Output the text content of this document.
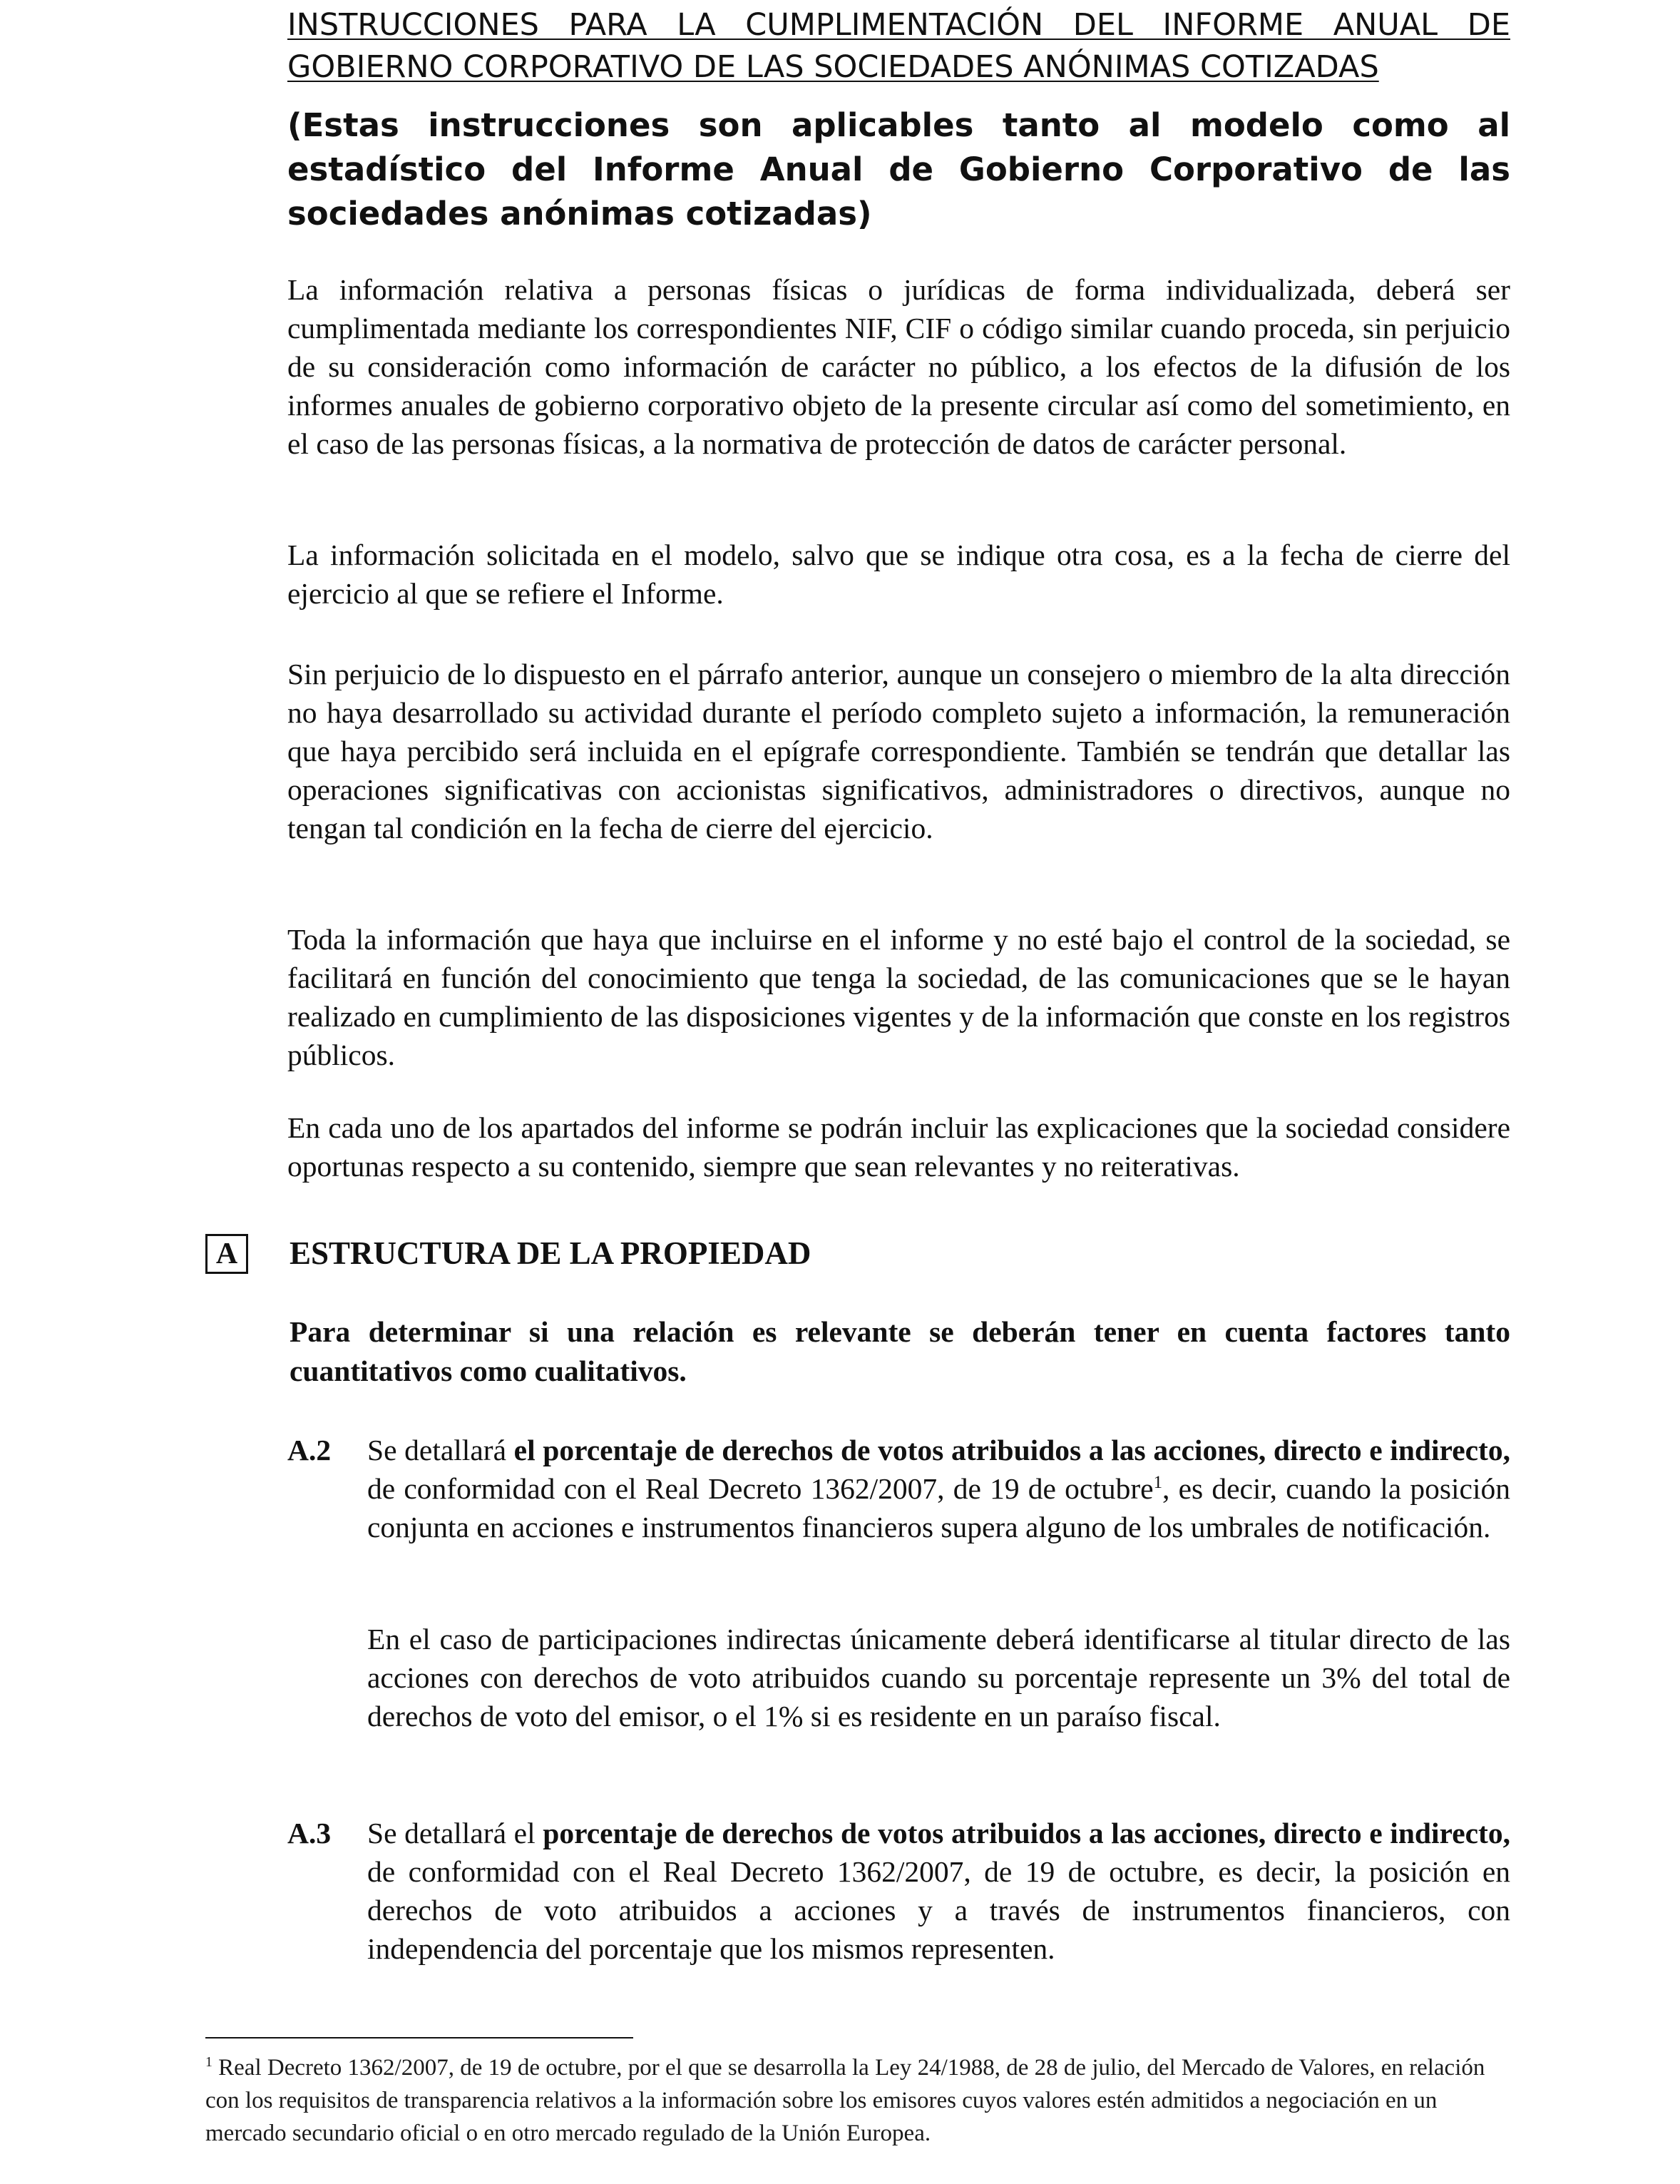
INSTRUCCIONES PARA LA CUMPLIMENTACIÓN DEL INFORME ANUAL DE GOBIERNO CORPORATIVO DE LAS SOCIEDADES ANÓNIMAS COTIZADAS

(Estas instrucciones son aplicables tanto al modelo como al estadístico del Informe Anual de Gobierno Corporativo de las sociedades anónimas cotizadas)

La información relativa a personas físicas o jurídicas de forma individualizada, deberá ser cumplimentada mediante los correspondientes NIF, CIF o código similar cuando proceda, sin perjuicio de su consideración como información de carácter no público, a los efectos de la difusión de los informes anuales de gobierno corporativo objeto de la presente circular así como del sometimiento, en el caso de las personas físicas, a la normativa de protección de datos de carácter personal.

La información solicitada en el modelo, salvo que se indique otra cosa, es a la fecha de cierre del ejercicio al que se refiere el Informe.

Sin perjuicio de lo dispuesto en el párrafo anterior, aunque un consejero o miembro de la alta dirección no haya desarrollado su actividad durante el período completo sujeto a información, la remuneración que haya percibido será incluida en el epígrafe correspondiente. También se tendrán que detallar las operaciones significativas con accionistas significativos, administradores o directivos, aunque no tengan tal condición en la fecha de cierre del ejercicio.

Toda la información que haya que incluirse en el informe y no esté bajo el control de la sociedad, se facilitará en función del conocimiento que tenga la sociedad, de las comunicaciones que se le hayan realizado en cumplimiento de las disposiciones vigentes y de la información que conste en los registros públicos.

En cada uno de los apartados del informe se podrán incluir las explicaciones que la sociedad considere oportunas respecto a su contenido, siempre que sean relevantes y no reiterativas.

A	ESTRUCTURA DE LA PROPIEDAD

Para determinar si una relación es relevante se deberán tener en cuenta factores tanto cuantitativos como cualitativos.

A.2 Se detallará el porcentaje de derechos de votos atribuidos a las acciones, directo e indirecto, de conformidad con el Real Decreto 1362/2007, de 19 de octubre$^1$, es decir, cuando la posición conjunta en acciones e instrumentos financieros supera alguno de los umbrales de notificación.

En el caso de participaciones indirectas únicamente deberá identificarse al titular directo de las acciones con derechos de voto atribuidos cuando su porcentaje represente un 3% del total de derechos de voto del emisor, o el 1% si es residente en un paraíso fiscal.

A.3 Se detallará el porcentaje de derechos de votos atribuidos a las acciones, directo e indirecto, de conformidad con el Real Decreto 1362/2007, de 19 de octubre, es decir, la posición en derechos de voto atribuidos a acciones y a través de instrumentos financieros, con independencia del porcentaje que los mismos representen.

$^1$ Real Decreto 1362/2007, de 19 de octubre, por el que se desarrolla la Ley 24/1988, de 28 de julio, del Mercado de Valores, en relación con los requisitos de transparencia relativos a la información sobre los emisores cuyos valores estén admitidos a negociación en un mercado secundario oficial o en otro mercado regulado de la Unión Europea.
